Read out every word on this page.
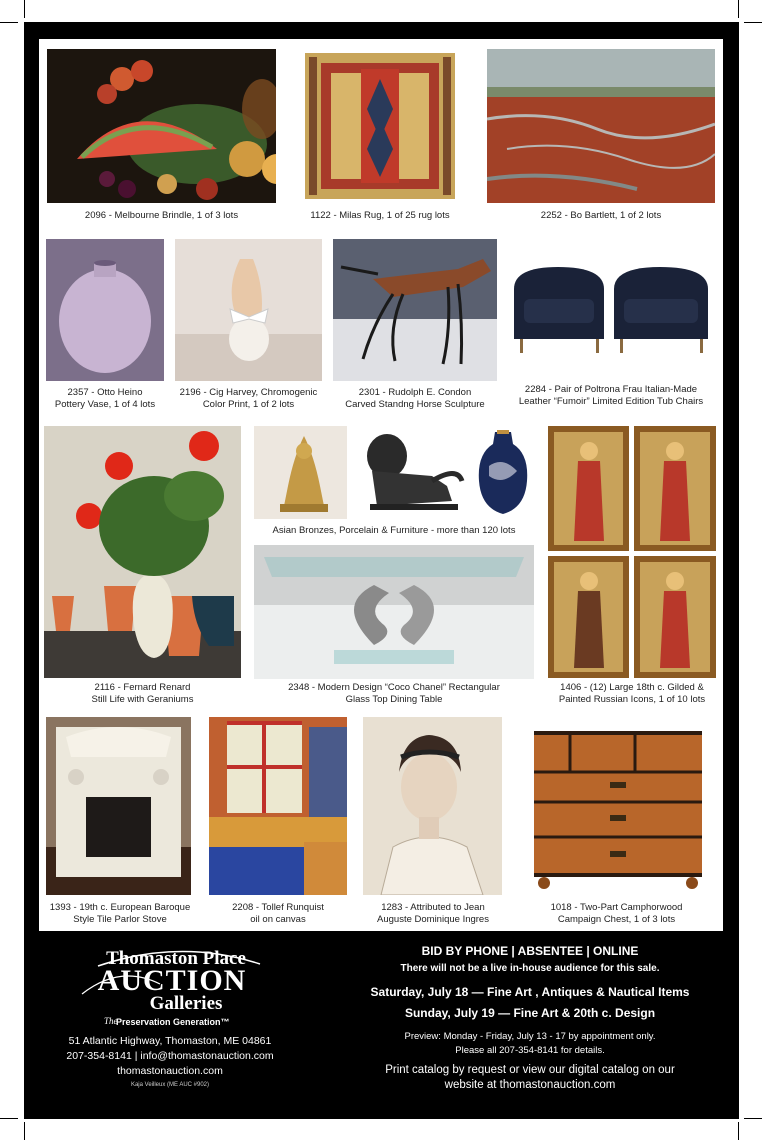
2096 - Melbourne Brindle, 1 of 3 lots	1122 - Milas Rug, 1 of 25 rug lots	2252 - Bo Bartlett, 1 of 2 lots
2357 - Otto Heino
Pottery Vase, 1 of 4 lots
2196 - Cig Harvey, Chromogenic
Color Print, 1 of 2 lots
2301 - Rudolph E. Condon
Carved Standng Horse Sculpture
2284 - Pair of Poltrona Frau Italian-Made
Leather “Fumoir” Limited Edition Tub Chairs
Asian Bronzes, Porcelain & Furniture - more than 120 lots
2116 - Fernard Renard
Still Life with Geraniums
2348 - Modern Design “Coco Chanel” Rectangular
Glass Top Dining Table
1406 - (12) Large 18th c. Gilded &
Painted Russian Icons, 1 of 10 lots
1393 - 19th c. European Baroque
Style Tile Parlor Stove
2208 - Tollef Runquist
oil on canvas
1283 - Attributed to Jean
Auguste Dominique Ingres
1018 - Two-Part Camphorwood
Campaign Chest, 1 of 3 lots
Thomaston Place
AUCTION
Galleries
The
Preservation Generation™
51 Atlantic Highway, Thomaston, ME 04861
207-354-8141 | info@thomastonauction.com
thomastonauction.com
Kaja Veilleux (ME AUC #902)
BID BY PHONE | ABSENTEE | ONLINE
There will not be a live in-house audience for this sale.
Saturday, July 18 — Fine Art , Antiques & Nautical Items
Sunday, July 19 — Fine Art & 20th c. Design
Preview: Monday - Friday, July 13 - 17 by appointment only.
Please all 207-354-8141 for details.
Print catalog by request or view our digital catalog on our
website at thomastonauction.com
